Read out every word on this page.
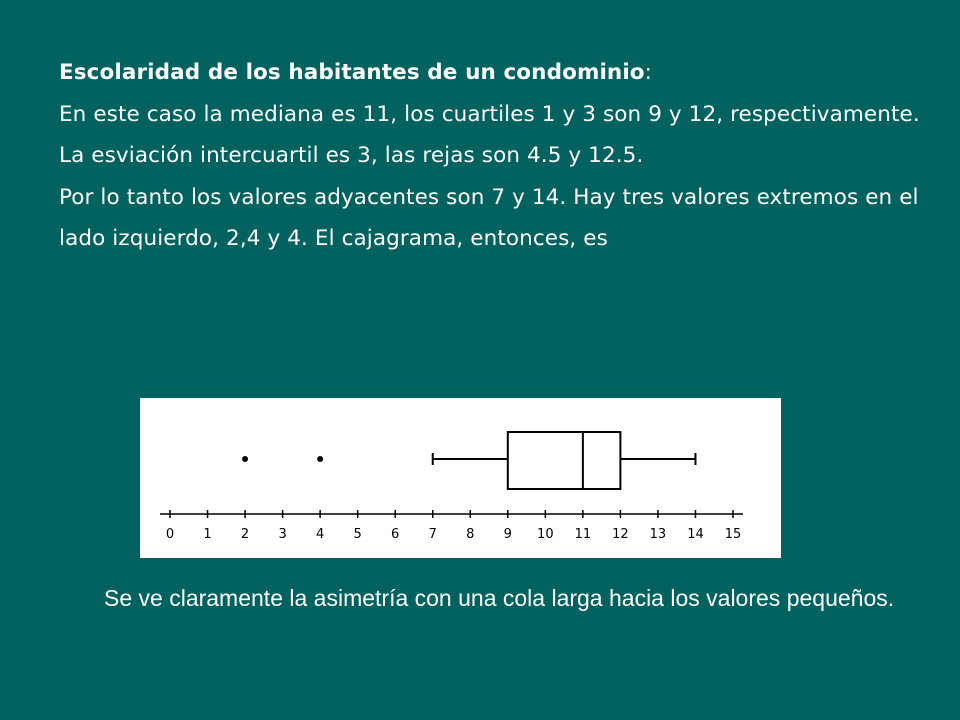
Escolaridad de los habitantes de un condominio:

En este caso la mediana es 11, los cuartiles 1 y 3 son 9 y 12, respectivamente.

La esviación intercuartil es 3, las rejas son 4.5 y 12.5.

Por lo tanto los valores adyacentes son 7 y 14. Hay tres valores extremos en el lado izquierdo, 2,4 y 4. El cajagrama, entonces, es

0 1 2 3 4 5 6 7 8 9 10 11 12 13 14 15

Se ve claramente la asimetría con una cola larga hacia los valores pequeños.
